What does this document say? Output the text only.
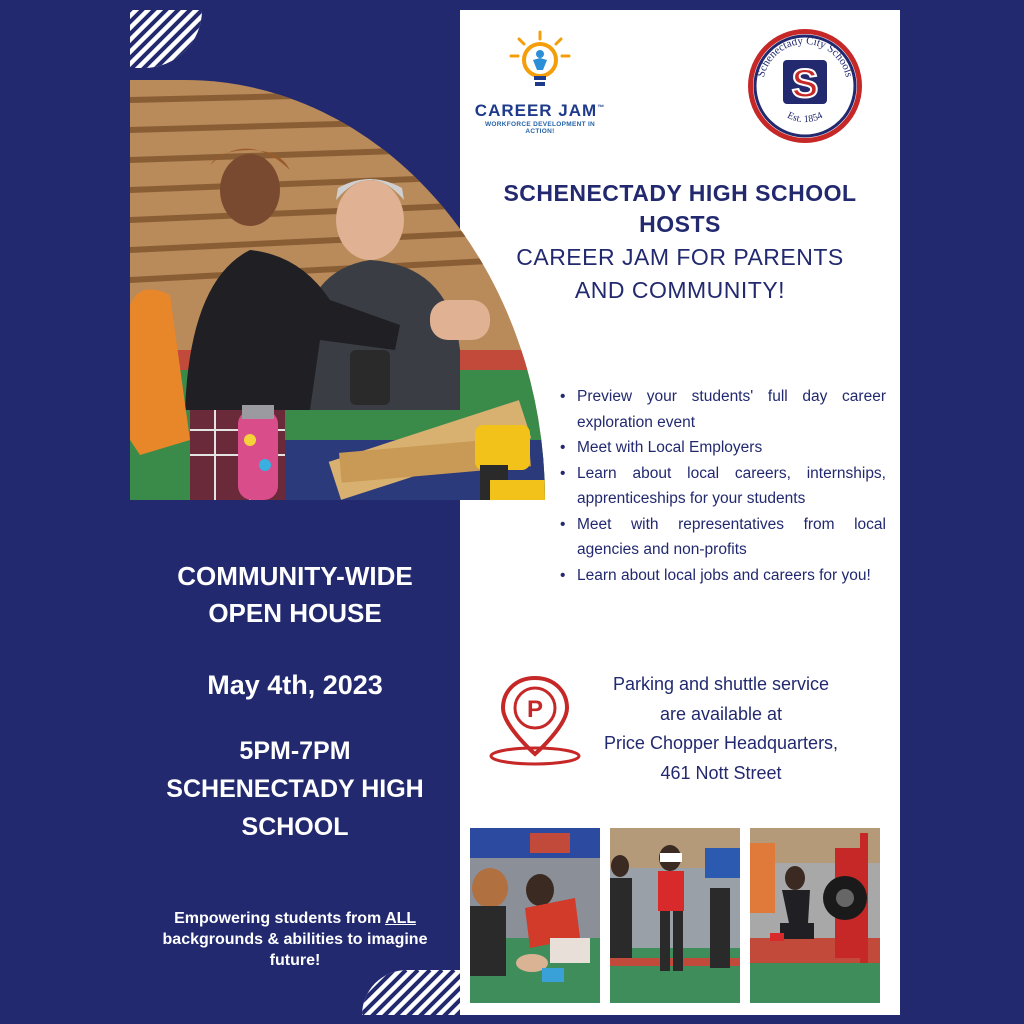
COMMUNITY-WIDE
OPEN HOUSE
May 4th, 2023
5PM-7PM
SCHENECTADY HIGH
SCHOOL
Empowering students from ALL backgrounds & abilities to imagine future!
CAREER JAM™
WORKFORCE DEVELOPMENT IN ACTION!
Schenectady City Schools
S
Est. 1854
SCHENECTADY HIGH SCHOOL
HOSTS
CAREER JAM FOR PARENTS
AND COMMUNITY!
• Preview your students' full day career exploration event
• Meet with Local Employers
• Learn about local careers, internships, apprenticeships for your students
• Meet with representatives from local agencies and non-profits
• Learn about local jobs and careers for you!
P
Parking and shuttle service
are available at
Price Chopper Headquarters,
461 Nott Street
